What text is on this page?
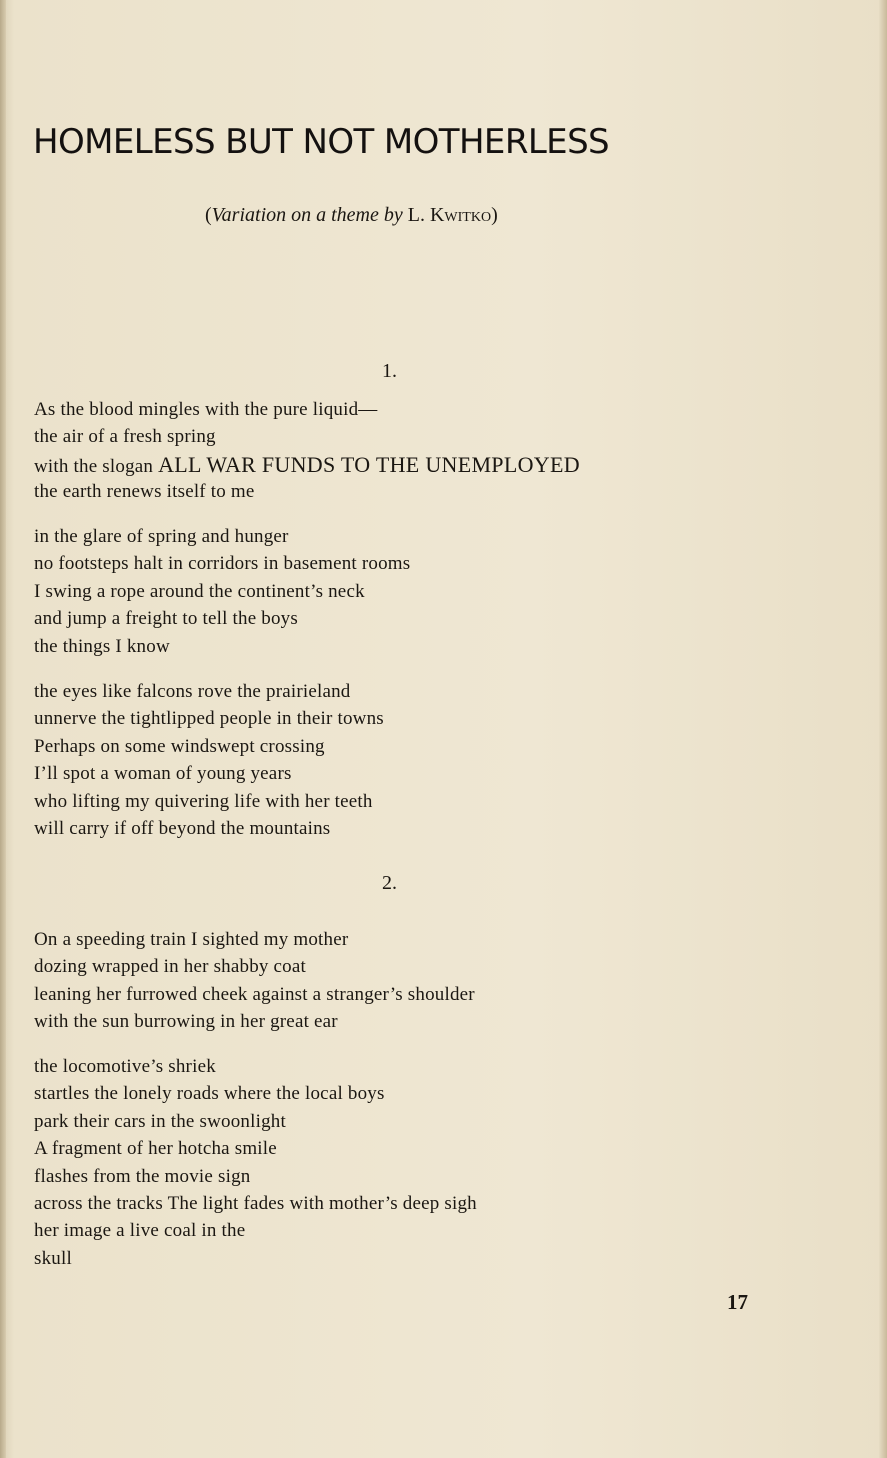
HOMELESS BUT NOT MOTHERLESS
(Variation on a theme by L. Kwitko)
1.
As the blood mingles with the pure liquid—
the air of a fresh spring
with the slogan ALL WAR FUNDS TO THE UNEMPLOYED
the earth renews itself to me
in the glare of spring and hunger
no footsteps halt in corridors in basement rooms
I swing a rope around the continent’s neck
and jump a freight to tell the boys
the things I know
the eyes like falcons rove the prairieland
unnerve the tightlipped people in their towns
Perhaps on some windswept crossing
I’ll spot a woman of young years
who lifting my quivering life with her teeth
will carry if off beyond the mountains
2.
On a speeding train I sighted my mother
dozing wrapped in her shabby coat
leaning her furrowed cheek against a stranger’s shoulder
with the sun burrowing in her great ear
the locomotive’s shriek
startles the lonely roads where the local boys
park their cars in the swoonlight
A fragment of her hotcha smile
flashes from the movie sign
across the tracks The light fades with mother’s deep sigh
her image a live coal in the
skull
17
